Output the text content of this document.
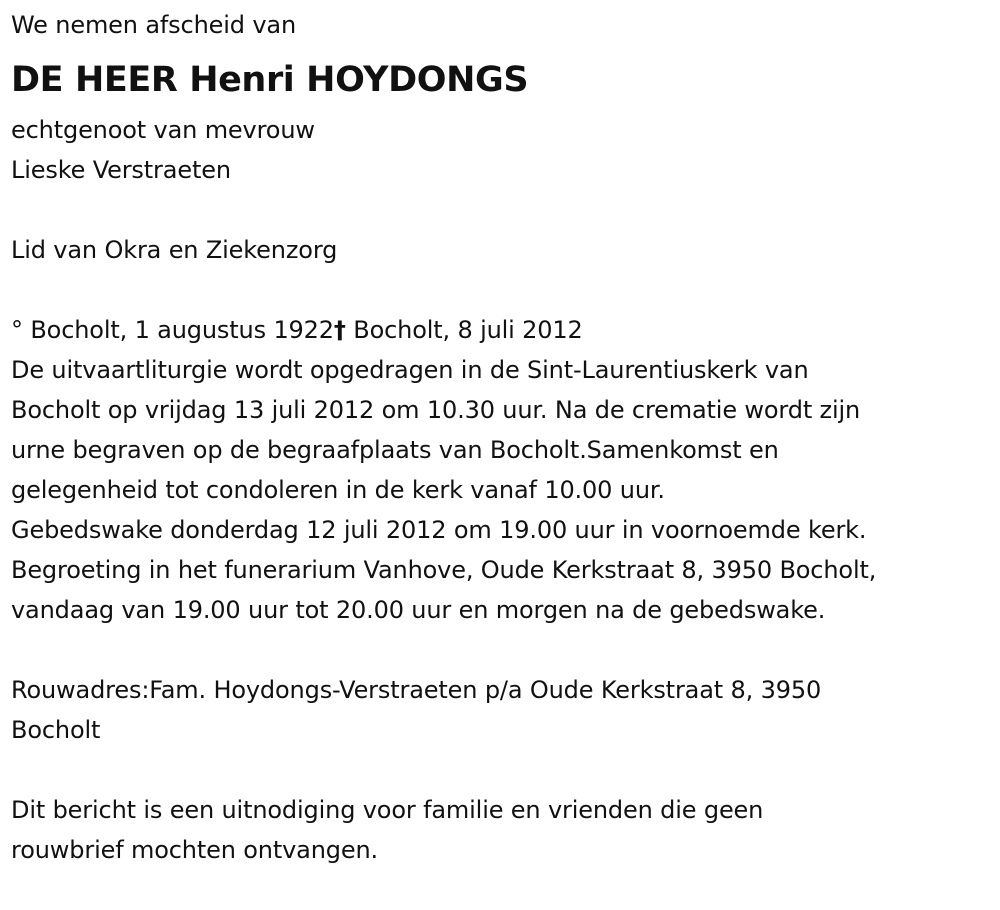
We nemen afscheid van
DE HEER Henri HOYDONGS
echtgenoot van mevrouw
Lieske Verstraeten
Lid van Okra en Ziekenzorg
° Bocholt, 1 augustus 1922† Bocholt, 8 juli 2012
De uitvaartliturgie wordt opgedragen in de Sint-Laurentiuskerk van
Bocholt op vrijdag 13 juli 2012 om 10.30 uur. Na de crematie wordt zijn
urne begraven op de begraafplaats van Bocholt.Samenkomst en
gelegenheid tot condoleren in de kerk vanaf 10.00 uur.
Gebedswake donderdag 12 juli 2012 om 19.00 uur in voornoemde kerk.
Begroeting in het funerarium Vanhove, Oude Kerkstraat 8, 3950 Bocholt,
vandaag van 19.00 uur tot 20.00 uur en morgen na de gebedswake.
Rouwadres:Fam. Hoydongs-Verstraeten p/a Oude Kerkstraat 8, 3950
Bocholt
Dit bericht is een uitnodiging voor familie en vrienden die geen
rouwbrief mochten ontvangen.
